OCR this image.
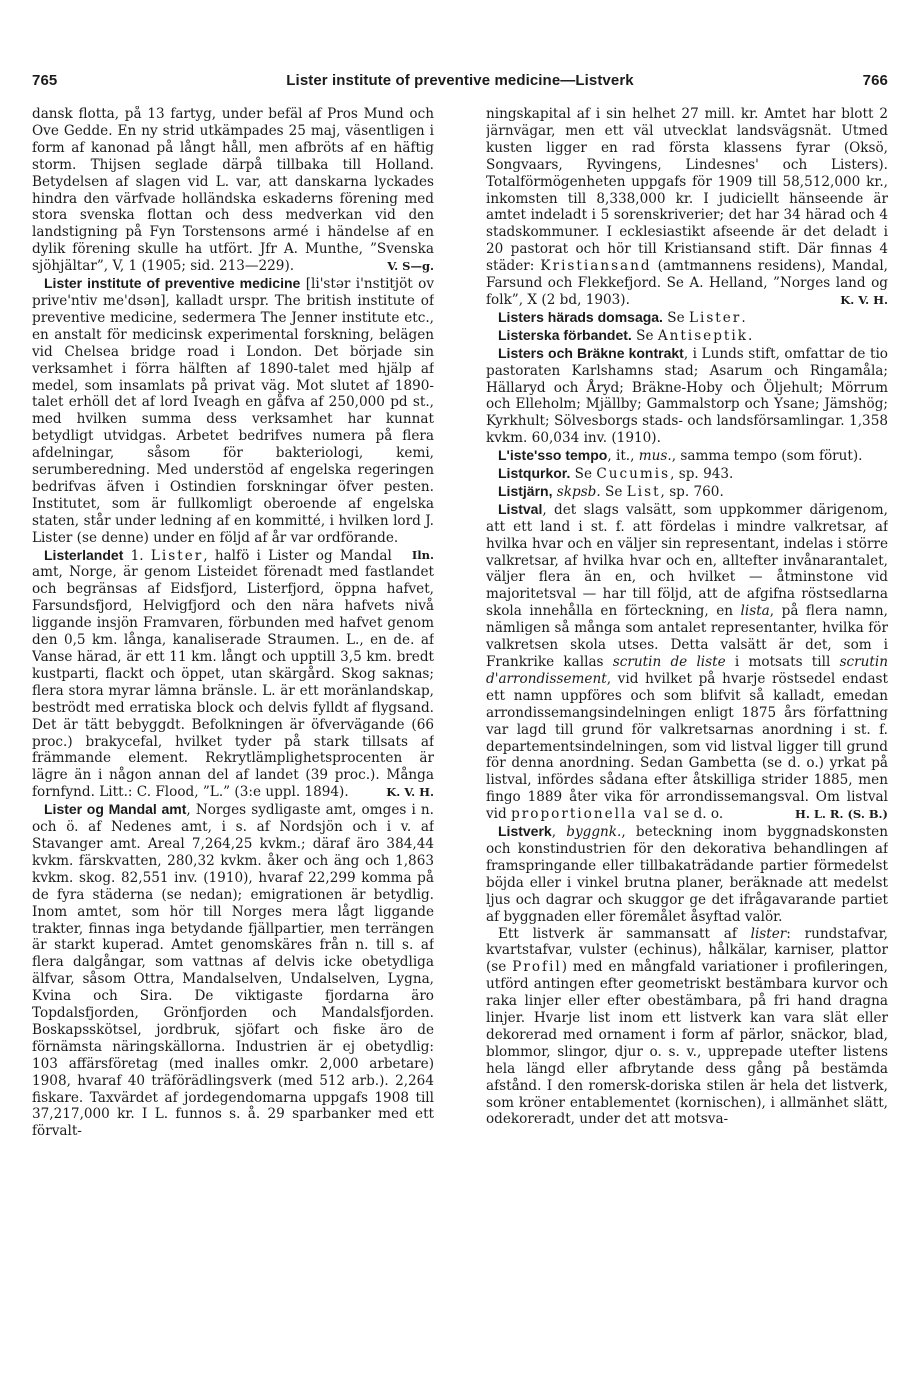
765	Lister institute of preventive medicine—Listverk	766

dansk flotta, på 13 fartyg, under befäl af Pros Mund och Ove Gedde. En ny strid utkämpades 25 maj, väsentligen i form af kanonad på långt håll, men afbröts af en häftig storm. Thijsen seglade därpå tillbaka till Holland. Betydelsen af slagen vid L. var, att danskarna lyckades hindra den värfvade holländska eskaderns förening med stora svenska flottan och dess medverkan vid den landstigning på Fyn Torstensons armé i händelse af en dylik förening skulle ha utfört. Jfr A. Munthe, ”Svenska sjöhjältar”, V, 1 (1905; sid. 213—229).	V. S—g.

Lister institute of preventive medicine [li'stər i'nstitjöt ov prive'ntiv me'dsən], kalladt urspr. The british institute of preventive medicine, sedermera The Jenner institute etc., en anstalt för medicinsk experimental forskning, belägen vid Chelsea bridge road i London. Det började sin verksamhet i förra hälften af 1890-talet med hjälp af medel, som insamlats på privat väg. Mot slutet af 1890-talet erhöll det af lord Iveagh en gåfva af 250,000 pd st., med hvilken summa dess verksamhet har kunnat betydligt utvidgas. Arbetet bedrifves numera på flera afdelningar, såsom för bakteriologi, kemi, serumberedning. Med understöd af engelska regeringen bedrifvas äfven i Ostindien forskningar öfver pesten. Institutet, som är fullkomligt oberoende af engelska staten, står under ledning af en kommitté, i hvilken lord J. Lister (se denne) under en följd af år var ordförande.
Iln.

Listerlandet 1. Lister, halfö i Lister og Mandal amt, Norge, är genom Listeidet förenadt med fastlandet och begränsas af Eidsfjord, Listerfjord, öppna hafvet, Farsundsfjord, Helvigfjord och den nära hafvets nivå liggande insjön Framvaren, förbunden med hafvet genom den 0,5 km. långa, kanaliserade Straumen. L., en de. af Vanse härad, är ett 11 km. långt och upptill 3,5 km. bredt kustparti, flackt och öppet, utan skärgård. Skog saknas; flera stora myrar lämna bränsle. L. är ett moränlandskap, beströdt med erratiska block och delvis fylldt af flygsand. Det är tätt bebyggdt. Befolkningen är öfvervägande (66 proc.) brakycefal, hvilket tyder på stark tillsats af främmande element. Rekrytlämplighetsprocenten är lägre än i någon annan del af landet (39 proc.). Många fornfynd. Litt.: C. Flood, ”L.” (3:e uppl. 1894).	K. V. H.

Lister og Mandal amt, Norges sydligaste amt, omges i n. och ö. af Nedenes amt, i s. af Nordsjön och i v. af Stavanger amt. Areal 7,264,25 kvkm.; däraf äro 384,44 kvkm. färskvatten, 280,32 kvkm. åker och äng och 1,863 kvkm. skog. 82,551 inv. (1910), hvaraf 22,299 komma på de fyra städerna (se nedan); emigrationen är betydlig. Inom amtet, som hör till Norges mera lågt liggande trakter, finnas inga betydande fjällpartier, men terrängen är starkt kuperad. Amtet genomskäres från n. till s. af flera dalgångar, som vattnas af delvis icke obetydliga älfvar, såsom Ottra, Mandalselven, Undalselven, Lygna, Kvina och Sira. De viktigaste fjordarna äro Topdalsfjorden, Grönfjorden och Mandalsfjorden. Boskapsskötsel, jordbruk, sjöfart och fiske äro de förnämsta näringskällorna. Industrien är ej obetydlig: 103 affärsföretag (med inalles omkr. 2,000 arbetare) 1908, hvaraf 40 träförädlingsverk (med 512 arb.). 2,264 fiskare. Taxvärdet af jordegendomarna uppgafs 1908 till 37,217,000 kr. I L. funnos s. å. 29 sparbanker med ett förvalt-

ningskapital af i sin helhet 27 mill. kr. Amtet har blott 2 järnvägar, men ett väl utvecklat landsvägsnät. Utmed kusten ligger en rad första klassens fyrar (Oksö, Songvaars, Ryvingens, Lindesnes' och Listers). Totalförmögenheten uppgafs för 1909 till 58,512,000 kr., inkomsten till 8,338,000 kr. I judiciellt hänseende är amtet indeladt i 5 sorenskriverier; det har 34 härad och 4 stadskommuner. I ecklesiastikt afseende är det deladt i 20 pastorat och hör till Kristiansand stift. Där finnas 4 städer: Kristiansand (amtmannens residens), Mandal, Farsund och Flekkefjord. Se A. Helland, ”Norges land og folk”, X (2 bd, 1903).	K. V. H.

Listers härads domsaga. Se Lister.

Listerska förbandet. Se Antiseptik.

Listers och Bräkne kontrakt, i Lunds stift, omfattar de tio pastoraten Karlshamns stad; Asarum och Ringamåla; Hällaryd och Åryd; Bräkne-Hoby och Öljehult; Mörrum och Elleholm; Mjällby; Gammalstorp och Ysane; Jämshög; Kyrkhult; Sölvesborgs stads- och landsförsamlingar. 1,358 kvkm. 60,034 inv. (1910).

L'iste'sso tempo, it., mus., samma tempo (som förut).

Listqurkor. Se Cucumis, sp. 943.

Listjärn, skpsb. Se List, sp. 760.

Listval, det slags valsätt, som uppkommer därigenom, att ett land i st. f. att fördelas i mindre valkretsar, af hvilka hvar och en väljer sin representant, indelas i större valkretsar, af hvilka hvar och en, alltefter invånarantalet, väljer flera än en, och hvilket — åtminstone vid majoritetsval — har till följd, att de afgifna röstsedlarna skola innehålla en förteckning, en lista, på flera namn, nämligen så många som antalet representanter, hvilka för valkretsen skola utses. Detta valsätt är det, som i Frankrike kallas scrutin de liste i motsats till scrutin d'arrondissement, vid hvilket på hvarje röstsedel endast ett namn uppföres och som blifvit så kalladt, emedan arrondissemangsindelningen enligt 1875 års författning var lagd till grund för valkretsarnas anordning i st. f. departementsindelningen, som vid listval ligger till grund för denna anordning. Sedan Gambetta (se d. o.) yrkat på listval, infördes sådana efter åtskilliga strider 1885, men fingo 1889 åter vika för arrondissemangsval. Om listval vid proportionella val se d. o.	H. L. R. (S. B.)

Listverk, byggnk., beteckning inom byggnadskonsten och konstindustrien för den dekorativa behandlingen af framspringande eller tillbakaträdande partier förmedelst böjda eller i vinkel brutna planer, beräknade att medelst ljus och dagrar och skuggor ge det ifrågavarande partiet af byggnaden eller föremålet åsyftad valör.

Ett listverk är sammansatt af lister: rundstafvar, kvartstafvar, vulster (echinus), hålkälar, karniser, plattor (se Profil) med en mångfald variationer i profileringen, utförd antingen efter geometriskt bestämbara kurvor och raka linjer eller efter obestämbara, på fri hand dragna linjer. Hvarje list inom ett listverk kan vara slät eller dekorerad med ornament i form af pärlor, snäckor, blad, blommor, slingor, djur o. s. v., upprepade utefter listens hela längd eller afbrytande dess gång på bestämda afstånd. I den romersk-doriska stilen är hela det listverk, som kröner entablementet (kornischen), i allmänhet slätt, odekoreradt, under det att motsva-
